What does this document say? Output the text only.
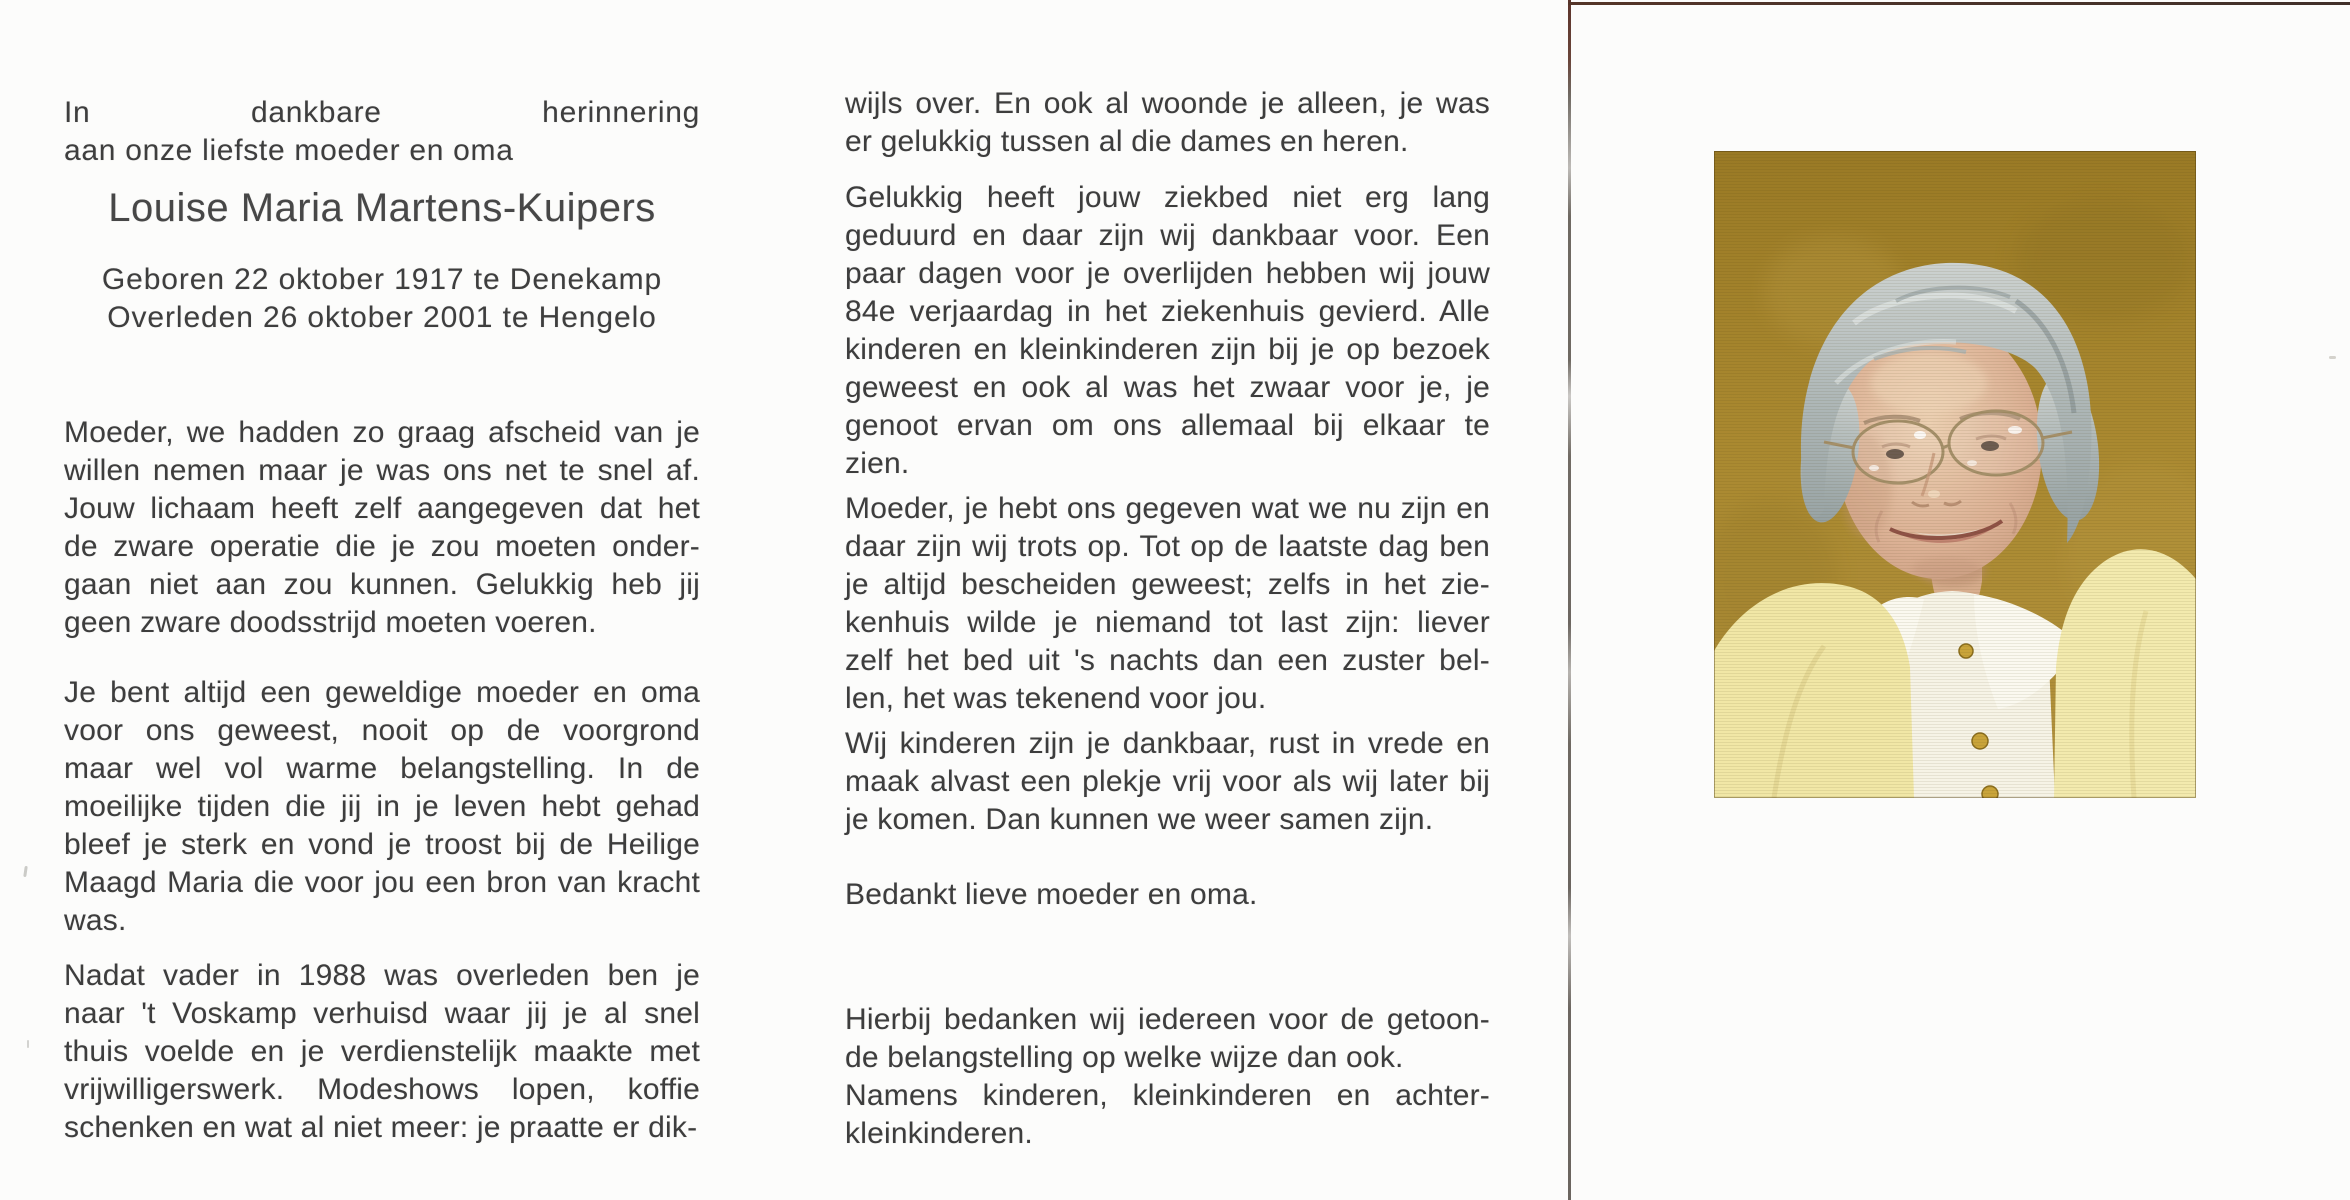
In dankbare herinnering
aan onze liefste moeder en oma
Louise Maria Martens-Kuipers
Geboren 22 oktober 1917 te Denekamp
Overleden 26 oktober 2001 te Hengelo
Moeder, we hadden zo graag afscheid van je
willen nemen maar je was ons net te snel af.
Jouw lichaam heeft zelf aangegeven dat het
de zware operatie die je zou moeten onder-
gaan niet aan zou kunnen. Gelukkig heb jij
geen zware doodsstrijd moeten voeren.
Je bent altijd een geweldige moeder en oma
voor ons geweest, nooit op de voorgrond
maar wel vol warme belangstelling. In de
moeilijke tijden die jij in je leven hebt gehad
bleef je sterk en vond je troost bij de Heilige
Maagd Maria die voor jou een bron van kracht
was.
Nadat vader in 1988 was overleden ben je
naar 't Voskamp verhuisd waar jij je al snel
thuis voelde en je verdienstelijk maakte met
vrijwilligerswerk. Modeshows lopen, koffie
schenken en wat al niet meer: je praatte er dik-
wijls over. En ook al woonde je alleen, je was
er gelukkig tussen al die dames en heren.
Gelukkig heeft jouw ziekbed niet erg lang
geduurd en daar zijn wij dankbaar voor. Een
paar dagen voor je overlijden hebben wij jouw
84e verjaardag in het ziekenhuis gevierd. Alle
kinderen en kleinkinderen zijn bij je op bezoek
geweest en ook al was het zwaar voor je, je
genoot ervan om ons allemaal bij elkaar te
zien.
Moeder, je hebt ons gegeven wat we nu zijn en
daar zijn wij trots op. Tot op de laatste dag ben
je altijd bescheiden geweest; zelfs in het zie-
kenhuis wilde je niemand tot last zijn: liever
zelf het bed uit 's nachts dan een zuster bel-
len, het was tekenend voor jou.
Wij kinderen zijn je dankbaar, rust in vrede en
maak alvast een plekje vrij voor als wij later bij
je komen. Dan kunnen we weer samen zijn.
Bedankt lieve moeder en oma.
Hierbij bedanken wij iedereen voor de getoon-
de belangstelling op welke wijze dan ook.
Namens kinderen, kleinkinderen en achter-
kleinkinderen.
